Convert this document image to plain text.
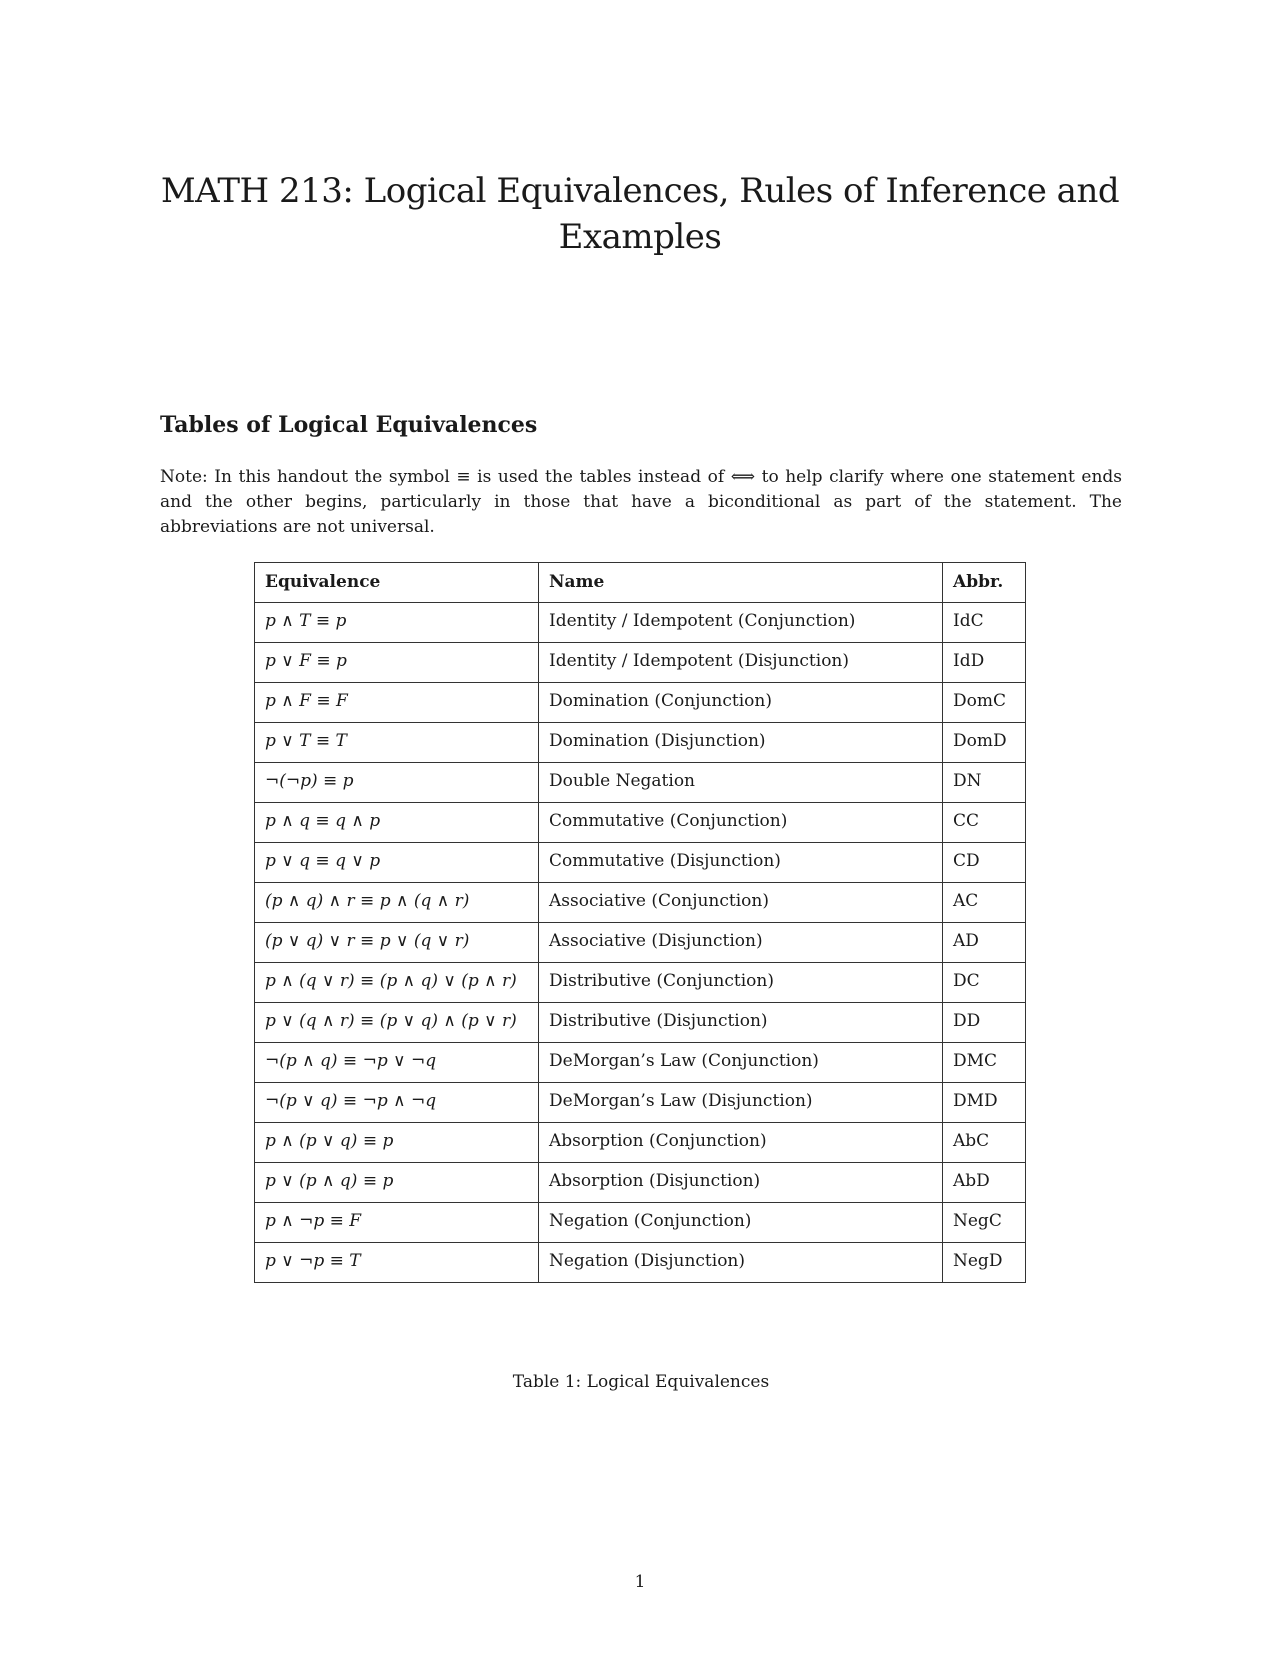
MATH 213: Logical Equivalences, Rules of Inference and
Examples
Tables of Logical Equivalences

Note: In this handout the symbol ≡ is used the tables instead of ⟺ to help clarify where one statement ends and the other begins, particularly in those that have a biconditional as part of the statement. The abbreviations are not universal.

Equivalence	Name	Abbr.
p ∧ T ≡ p	Identity / Idempotent (Conjunction)	IdC
p ∨ F ≡ p	Identity / Idempotent (Disjunction)	IdD
p ∧ F ≡ F	Domination (Conjunction)	DomC
p ∨ T ≡ T	Domination (Disjunction)	DomD
¬(¬p) ≡ p	Double Negation	DN
p ∧ q ≡ q ∧ p	Commutative (Conjunction)	CC
p ∨ q ≡ q ∨ p	Commutative (Disjunction)	CD
(p ∧ q) ∧ r ≡ p ∧ (q ∧ r)	Associative (Conjunction)	AC
(p ∨ q) ∨ r ≡ p ∨ (q ∨ r)	Associative (Disjunction)	AD
p ∧ (q ∨ r) ≡ (p ∧ q) ∨ (p ∧ r)	Distributive (Conjunction)	DC
p ∨ (q ∧ r) ≡ (p ∨ q) ∧ (p ∨ r)	Distributive (Disjunction)	DD
¬(p ∧ q) ≡ ¬p ∨ ¬q	DeMorgan’s Law (Conjunction)	DMC
¬(p ∨ q) ≡ ¬p ∧ ¬q	DeMorgan’s Law (Disjunction)	DMD
p ∧ (p ∨ q) ≡ p	Absorption (Conjunction)	AbC
p ∨ (p ∧ q) ≡ p	Absorption (Disjunction)	AbD
p ∧ ¬p ≡ F	Negation (Conjunction)	NegC
p ∨ ¬p ≡ T	Negation (Disjunction)	NegD

Table 1: Logical Equivalences

1
